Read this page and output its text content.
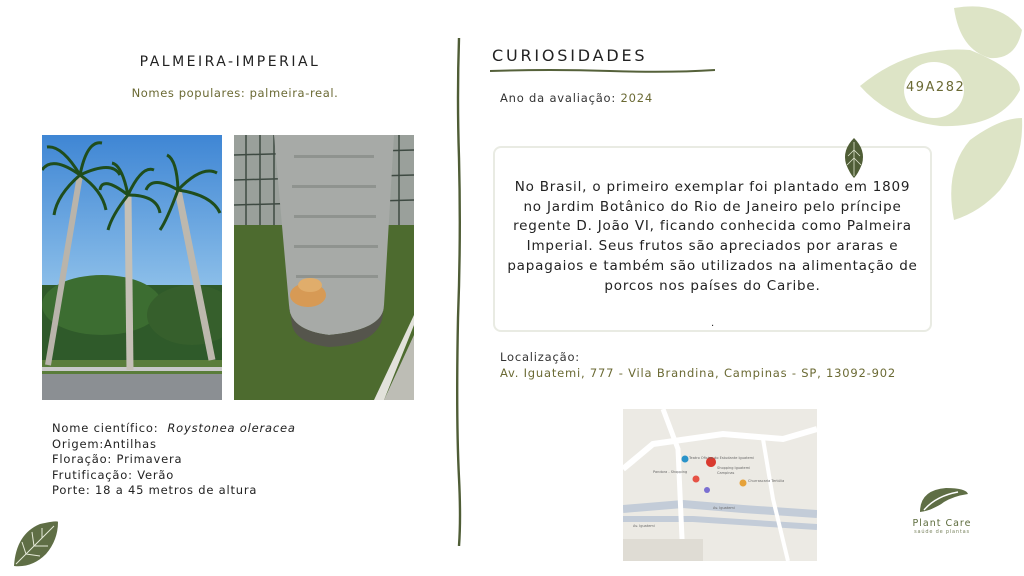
PALMEIRA-IMPERIAL
Nomes populares: palmeira-real.
Nome científico: Roystonea oleracea
Origem:Antilhas
Floração: Primavera
Frutificação: Verão
Porte: 18 a 45 metros de altura
CURIOSIDADES
Ano da avaliação: 2024
No Brasil, o primeiro exemplar foi plantado em 1809 no Jardim Botânico do Rio de Janeiro pelo príncipe regente D. João VI, ficando conhecida como Palmeira Imperial. Seus frutos são apreciados por araras e papagaios e também são utilizados na alimentação de porcos nos países do Caribe.
.
Localização:
Av. Iguatemi, 777 - Vila Brandina, Campinas - SP, 13092-902
Teatro Oficina do Estudante Iguatemi
Pandora - Shopping
Shopping Iguatemi
Campinas
Churrascaria Tertúlia
Av. Iguatemi
Av. Iguatemi
49A282
Plant Care
saúde de plantas
